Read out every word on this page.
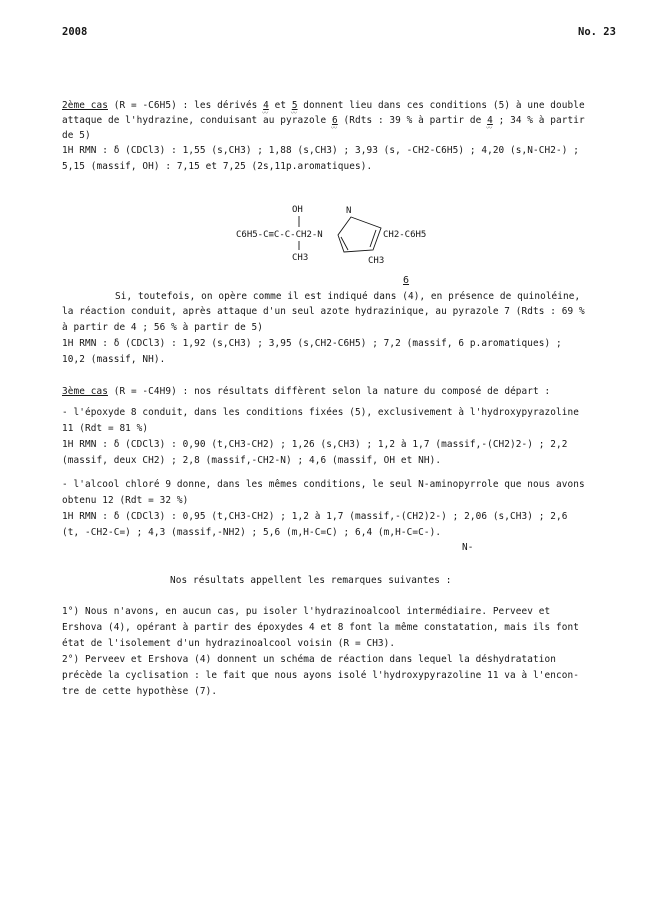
2008	No. 23
2ème cas (R = -C6H5) : les dérivés 4 〰 et 5 〰 donnent lieu dans ces conditions (5) à une double
attaque de l'hydrazine, conduisant au pyrazole 6 〰 (Rdts : 39 % à partir de 4 〰 ; 34 % à partir
de 5)
1H RMN : δ (CDCl3) : 1,55 (s,CH3) ; 1,88 (s,CH3) ; 3,93 (s, -CH2-C6H5) ; 4,20 (s,N-CH2-) ;
5,15 (massif, OH) : 7,15 et 7,25 (2s,11p.aromatiques).
OH
C6H5-C≡C-C-CH2-N
CH3
N
CH2-C6H5
CH3
6
Si, toutefois, on opère comme il est indiqué dans (4), en présence de quinoléine,
la réaction conduit, après attaque d'un seul azote hydrazinique, au pyrazole 7 (Rdts : 69 %
à partir de 4 ; 56 % à partir de 5)
1H RMN : δ (CDCl3) : 1,92 (s,CH3) ; 3,95 (s,CH2-C6H5) ; 7,2 (massif, 6 p.aromatiques) ;
10,2 (massif, NH).
3ème cas (R = -C4H9) : nos résultats diffèrent selon la nature du composé de départ :
- l'époxyde 8 conduit, dans les conditions fixées (5), exclusivement à l'hydroxypyrazoline
11 (Rdt = 81 %)
1H RMN : δ (CDCl3) : 0,90 (t,CH3-CH2) ; 1,26 (s,CH3) ; 1,2 à 1,7 (massif,-(CH2)2-) ; 2,2
(massif, deux CH2) ; 2,8 (massif,-CH2-N) ; 4,6 (massif, OH et NH).
- l'alcool chloré 9 donne, dans les mêmes conditions, le seul N-aminopyrrole que nous avons
obtenu 12 (Rdt = 32 %)
1H RMN : δ (CDCl3) : 0,95 (t,CH3-CH2) ; 1,2 à 1,7 (massif,-(CH2)2-) ; 2,06 (s,CH3) ; 2,6
(t, -CH2-C=) ; 4,3 (massif,-NH2) ; 5,6 (m,H-C=C) ; 6,4 (m,H-C=C-).
N-
Nos résultats appellent les remarques suivantes :
1°) Nous n'avons, en aucun cas, pu isoler l'hydrazinoalcool intermédiaire. Perveev et
Ershova (4), opérant à partir des époxydes 4 et 8 font la même constatation, mais ils font
état de l'isolement d'un hydrazinoalcool voisin (R = CH3).
2°) Perveev et Ershova (4) donnent un schéma de réaction dans lequel la déshydratation
précède la cyclisation : le fait que nous ayons isolé l'hydroxypyrazoline 11 va à l'encon-
tre de cette hypothèse (7).
